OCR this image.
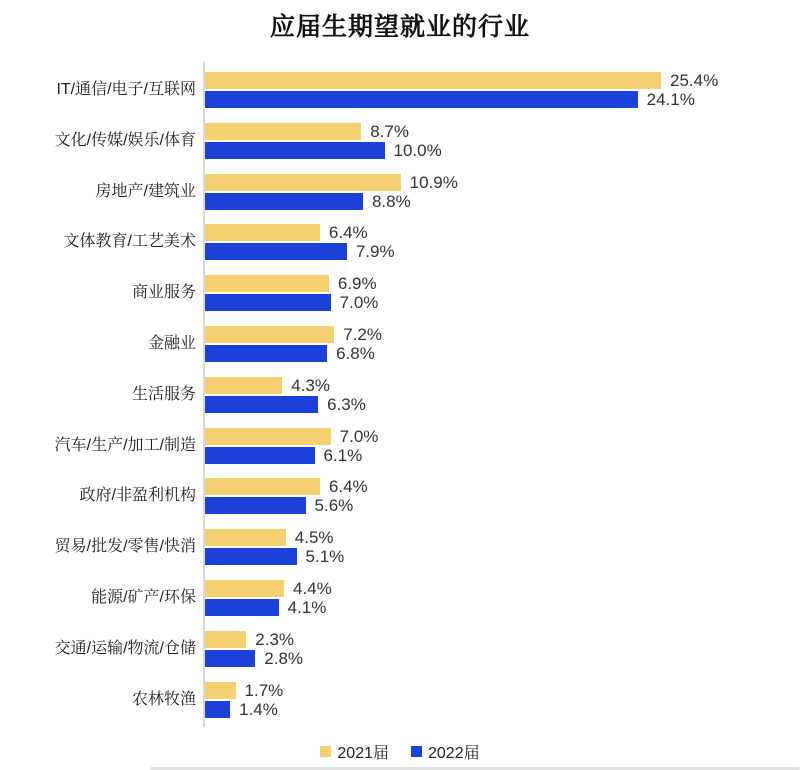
应届生期望就业的行业
IT/通信/电子/互联网	25.4%
24.1%
文化/传媒/娱乐/体育	8.7%
10.0%
房地产/建筑业	10.9%
8.8%
文体教育/工艺美术	6.4%
7.9%
商业服务	6.9%
7.0%
金融业	7.2%
6.8%
生活服务	4.3%
6.3%
汽车/生产/加工/制造	7.0%
6.1%
政府/非盈利机构	6.4%
5.6%
贸易/批发/零售/快消	4.5%
5.1%
能源/矿产/环保	4.4%
4.1%
交通/运输/物流/仓储	2.3%
2.8%
农林牧渔	1.7%
1.4%
2021届 2022届
